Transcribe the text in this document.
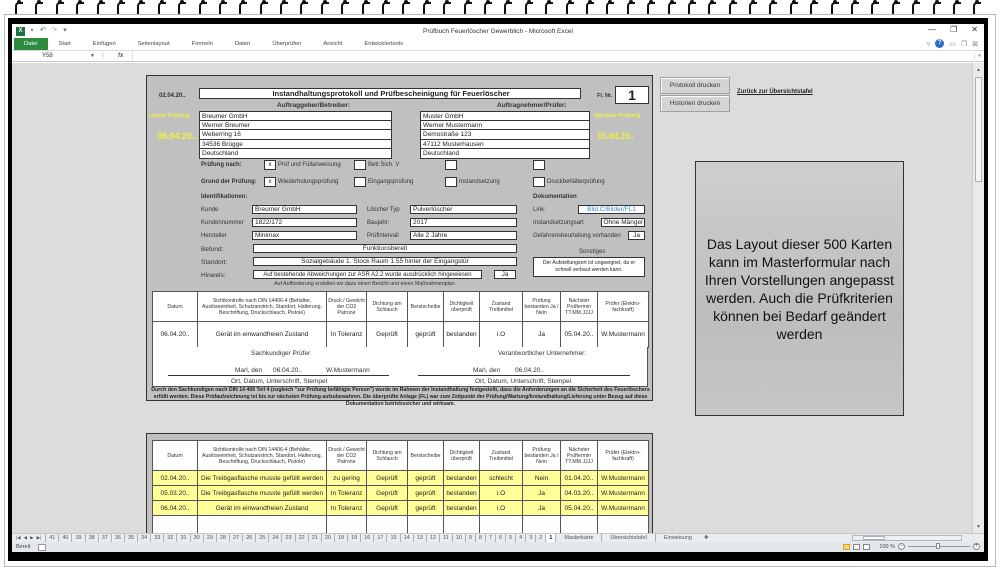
X	▪ ↶ ↷ ▾	Prüfbuch Feuerlöscher Gewerblich - Microsoft Excel	— ❐ ✕
Datei	Start	Einfügen	Seitenlayout	Formeln	Daten	Überprüfen	Ansicht	Entwicklertools	▿	?	▭ ❐ ⊠
Y58	▼	(	fx	▾
02.04.20..	Instandhaltungsprotokoll und Prüfbescheinigung für Feuerlöscher	Fl. Nr.	1
Auftraggeber/Betreiber:	Auftragnehmer/Prüfer:
Letzte Prüfung
06.04.20..
Nächste Prüfung
05.04.20..
Breumer GmbH
Werner Breumer
Weberring 16
34536 Brügge
Deutschland
Muster GmbH
Werner Mustermann
Demostraße 123
47112 Musterhausen
Deutschland
Prüfung nach:	x	Prüf und Füllanweisung	Betr.Sich. V
Grund der Prüfung:	x	Wiederholungsprüfung	Eingangsprüfung	Instandsetzung	Druckbehälterprüfung
Identifikationen:	Dokumentation
Kunde	Breumer GmbH
Kundennummer	1822/172
Hersteller	Minimax
Löscher Typ	Pulverlöscher
Baujahr:	2017
Prüfintervall	Alle 2 Jahre
Link:	Bild.C/Bilder/FL1
Instandsetzungsart	Ohne Mängel
Gefahrensbeurteilung vorhanden	Ja
Befund:	Funktionsbereit
Standort:	Sozialgebäude 1. Stock Raum 1.55 hinter der Eingangstür
Hinweis:	Auf bestehende Abweichungen zur ASR A2.2 wurde ausdrücklich hingewiesen	Ja
Auf Aufforderung erstellen wir dazu einen Bericht und einen Maßnahmenplan
Sonstiges
Der Aufstellungsort ist ungeeignet, da er schnell verbaut werden kann.
Datum	Sichtkontrolle nach DIN 14406-4 (Behälter, Auslöseeinheit, Schutzanstrich, Standort, Halterung, Beschriftung, Druckschlauch, Pistole)	Druck / Gewicht der CO2 Patrone	Dichtung am Schlauch	Berstscheibe	Dichtigkeit überprüft	Zustand Treibmittel	Prüfung bestanden Ja / Nein	Nächster Prüftermin TT.MM.JJJJ	Prüfer (Elektro-fachkraft)
06.04.20..	Gerät im einwandfreien Zustand	In Toleranz	Geprüft	geprüft	bestanden	i.O	Ja	05.04.20..	W.Mustermann
Sachkundiger Prüfer
Marl, den 06.04.20..	W.Mustermann
Ort, Datum, Unterschrift, Stempel
Verantwortlicher Unternehmer:
Marl, den 06.04.20..
Ort, Datum, Unterschrift, Stempel
Durch den Sachkundigen nach DIN 14 406 Teil 4 (zugleich "zur Prüfung befähigte Person") wurde im Rahmen der Instandhaltung festgestellt, dass die Anforderungen an die Sicherheit des Feuerlöschers erfüllt werden. Diese Prüfaufzeichnung ist bis zur nächsten Prüfung aufzubewahren. Die überprüfte Anlage (FL) war zum Zeitpunkt der Prüfung/Wartung/Instandhaltung/Lieferung unter Bezug auf diese Dokumentation betriebssicher und wirksam.
Datum	Sichtkontrolle nach DIN 14406-4 (Behälter, Auslöseeinheit, Schutzanstrich, Standort, Halterung, Beschriftung, Druckschlauch, Pistole)	Druck / Gewicht der CO2 Patrone	Dichtung am Schlauch	Berstscheibe	Dichtigkeit überprüft	Zustand Treibmittel	Prüfung bestanden Ja / Nein	Nächster Prüftermin TT.MM.JJJJ	Prüfer (Elektro-fachkraft)
02.04.20..	Die Treibgasflasche musste gefüllt werden	zu gering	Geprüft	geprüft	bestanden	schlecht	Nein	01.04.20..	W.Mustermann
05.03.20..	Die Treibgasflasche musste gefüllt werden	In Toleranz	Geprüft	geprüft	bestanden	i.O	Ja	04.03.20..	W.Mustermann
06.04.20..	Gerät im einwandfreien Zustand	In Toleranz	Geprüft	geprüft	bestanden	i.O	Ja	05.04.20..	W.Mustermann

Protokoll drucken
Historien drucken
Zurück zur Übersichtstafel
Das Layout dieser 500 Karten kann im Masterformular nach Ihren Vorstellungen angepasst werden. Auch die Prüfkriterien können bei Bedarf geändert werden
▲
▼
|◀ ◀ ▶ ▶|	41	40	39	38	37	36	35	34	33	32	31	30	29	28	27	26	25	24	23	22	21	20	19	18	16	17	15	14	13	12	11	10	9	8	7	6	5	4	3	2	1	Masterkarte	Übersichtstafel	Einweisung	✚
Bereit	100 % −	+
